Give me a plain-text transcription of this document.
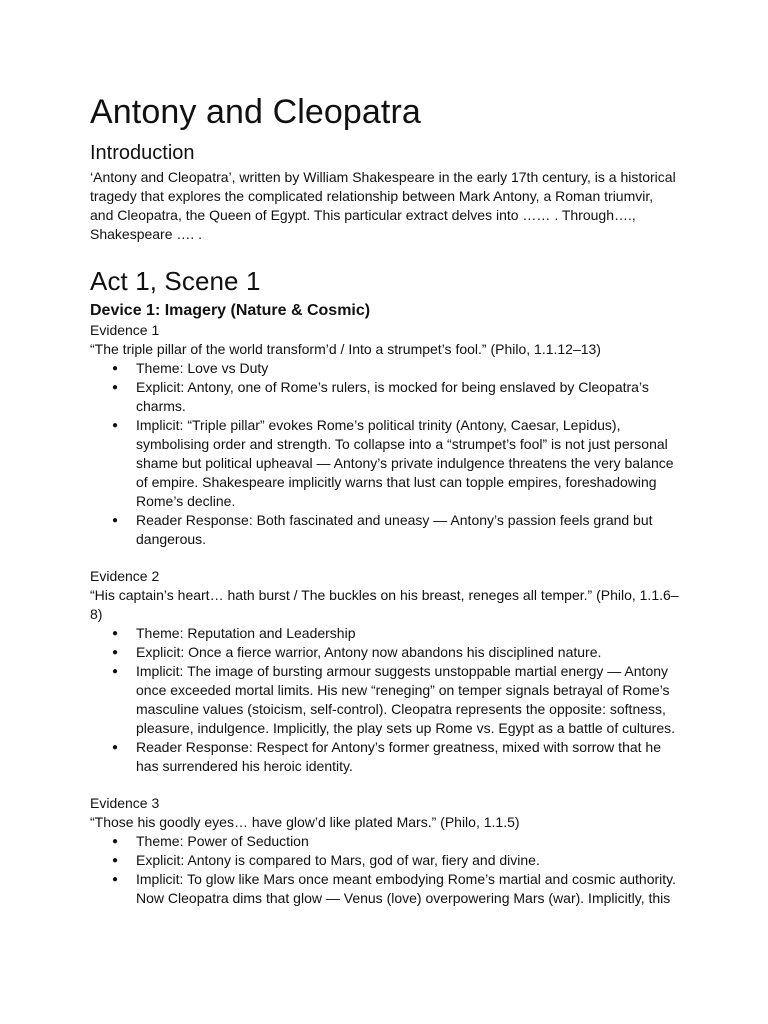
Antony and Cleopatra
Introduction

‘Antony and Cleopatra’, written by William Shakespeare in the early 17th century, is a historical tragedy that explores the complicated relationship between Mark Antony, a Roman triumvir, and Cleopatra, the Queen of Egypt. This particular extract delves into …… . Through…., Shakespeare …. .

Act 1, Scene 1
Device 1: Imagery (Nature & Cosmic)

Evidence 1

“The triple pillar of the world transform’d / Into a strumpet’s fool.” (Philo, 1.1.12–13)

● Theme: Love vs Duty
● Explicit: Antony, one of Rome’s rulers, is mocked for being enslaved by Cleopatra’s charms.
● Implicit: “Triple pillar” evokes Rome’s political trinity (Antony, Caesar, Lepidus), symbolising order and strength. To collapse into a “strumpet’s fool” is not just personal shame but political upheaval — Antony’s private indulgence threatens the very balance of empire. Shakespeare implicitly warns that lust can topple empires, foreshadowing Rome’s decline.
● Reader Response: Both fascinated and uneasy — Antony’s passion feels grand but dangerous.

Evidence 2

“His captain’s heart… hath burst / The buckles on his breast, reneges all temper.” (Philo, 1.1.6–8)

● Theme: Reputation and Leadership
● Explicit: Once a fierce warrior, Antony now abandons his disciplined nature.
● Implicit: The image of bursting armour suggests unstoppable martial energy — Antony once exceeded mortal limits. His new “reneging” on temper signals betrayal of Rome’s masculine values (stoicism, self-control). Cleopatra represents the opposite: softness, pleasure, indulgence. Implicitly, the play sets up Rome vs. Egypt as a battle of cultures.
● Reader Response: Respect for Antony’s former greatness, mixed with sorrow that he has surrendered his heroic identity.

Evidence 3

“Those his goodly eyes… have glow’d like plated Mars.” (Philo, 1.1.5)

● Theme: Power of Seduction
● Explicit: Antony is compared to Mars, god of war, fiery and divine.
● Implicit: To glow like Mars once meant embodying Rome’s martial and cosmic authority. Now Cleopatra dims that glow — Venus (love) overpowering Mars (war). Implicitly, this
